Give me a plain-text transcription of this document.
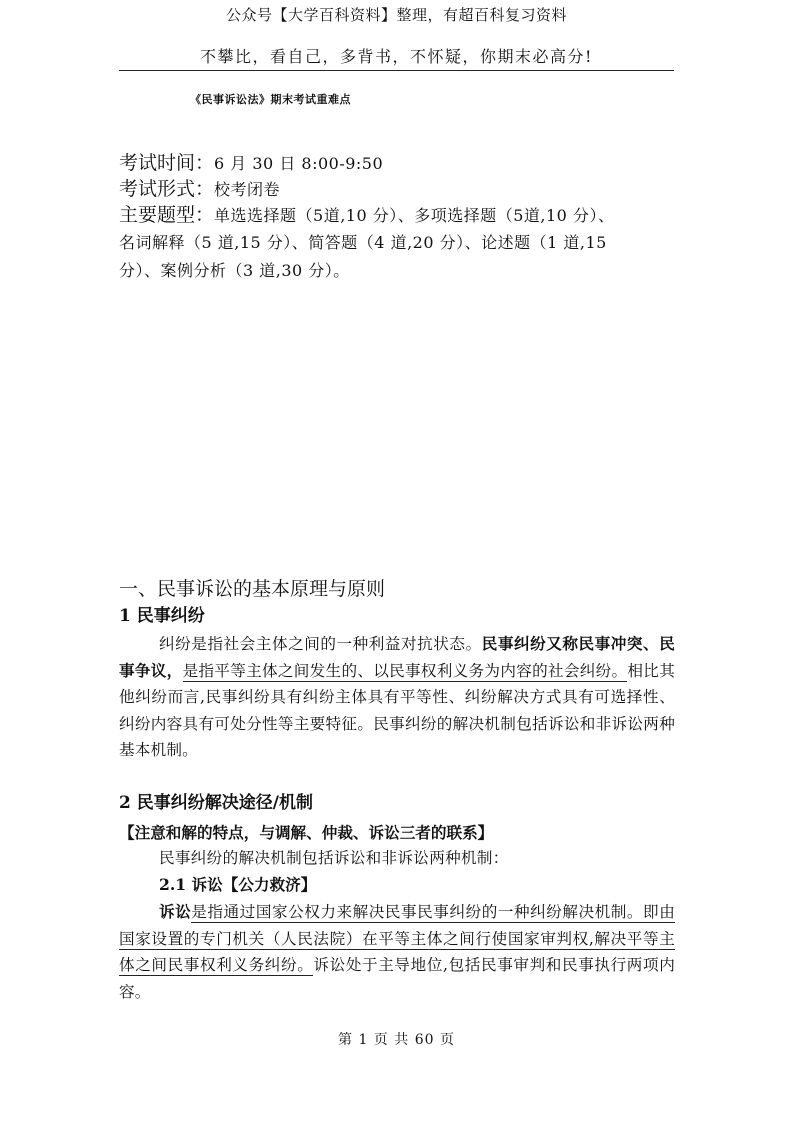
公众号【大学百科资料】整理，有超百科复习资料
不攀比，看自己，多背书，不怀疑，你期末必高分!
《民事诉讼法》期末考试重难点
考试时间：6 月 30 日 8:00-9:50
考试形式：校考闭卷
主要题型：单选选择题（5道,10 分）、多项选择题（5道,10 分）、
名词解释（5 道,15 分）、简答题（4 道,20 分）、论述题（1 道,15
分）、案例分析（3 道,30 分）。
一、民事诉讼的基本原理与原则
1 民事纠纷
纠纷是指社会主体之间的一种利益对抗状态。民事纠纷又称民事冲突、民事争议，是指平等主体之间发生的、以民事权利义务为内容的社会纠纷。相比其他纠纷而言,民事纠纷具有纠纷主体具有平等性、纠纷解决方式具有可选择性、纠纷内容具有可处分性等主要特征。民事纠纷的解决机制包括诉讼和非诉讼两种基本机制。
2 民事纠纷解决途径/机制
【注意和解的特点，与调解、仲裁、诉讼三者的联系】
民事纠纷的解决机制包括诉讼和非诉讼两种机制：
2.1 诉讼【公力救济】
诉讼是指通过国家公权力来解决民事民事纠纷的一种纠纷解决机制。即由国家设置的专门机关（人民法院）在平等主体之间行使国家审判权,解决平等主体之间民事权利义务纠纷。诉讼处于主导地位,包括民事审判和民事执行两项内容。
第 1 页 共 60 页
